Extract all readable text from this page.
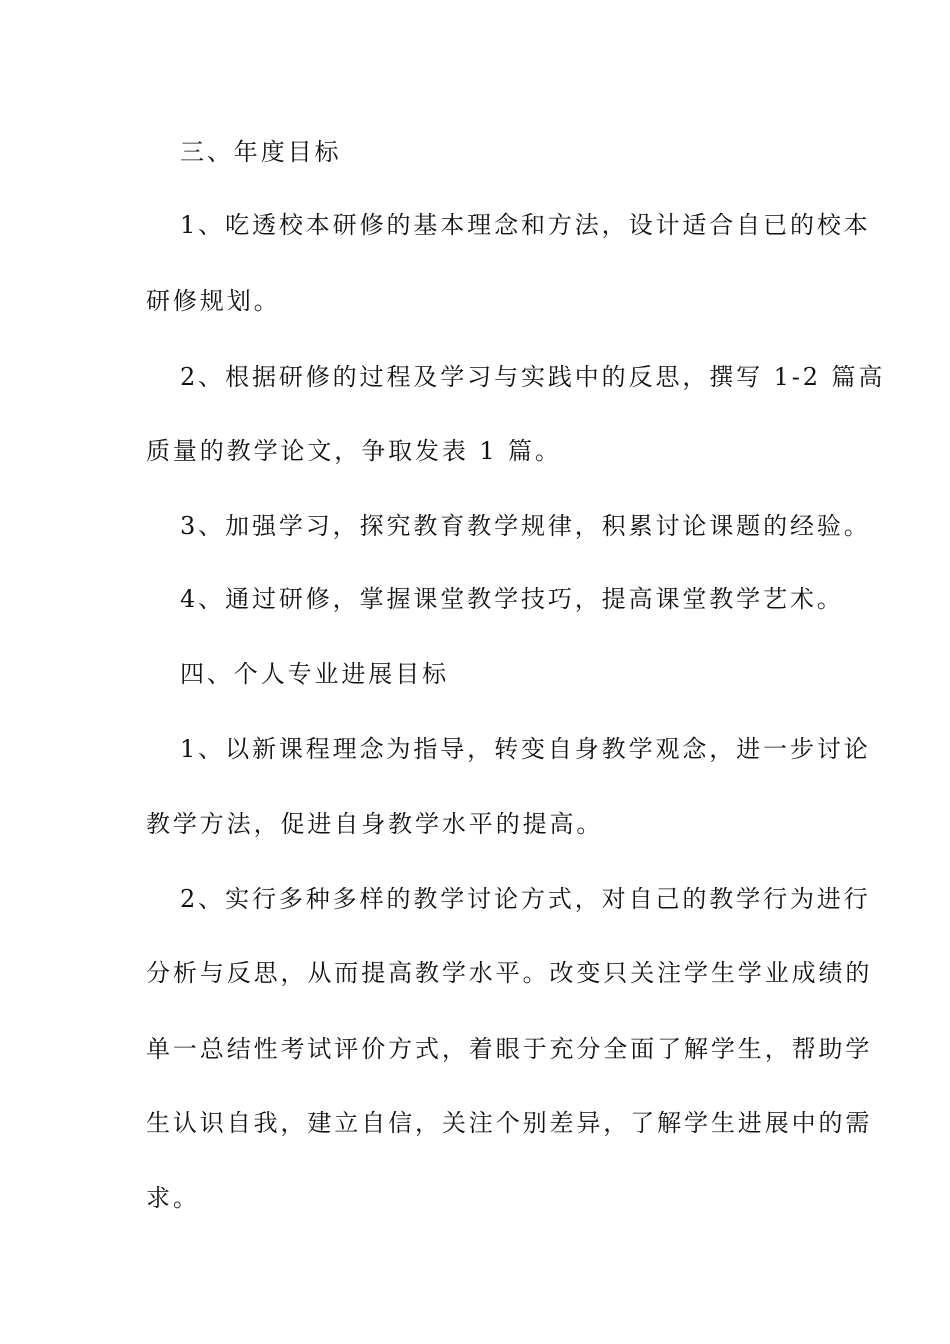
三、年度目标
1、吃透校本研修的基本理念和方法，设计适合自已的校本
研修规划。
2、根据研修的过程及学习与实践中的反思，撰写 1-2 篇高
质量的教学论文，争取发表 1 篇。
3、加强学习，探究教育教学规律，积累讨论课题的经验。
4、通过研修，掌握课堂教学技巧，提高课堂教学艺术。
四、个人专业进展目标
1、以新课程理念为指导，转变自身教学观念，进一步讨论
教学方法，促进自身教学水平的提高。
2、实行多种多样的教学讨论方式，对自己的教学行为进行
分析与反思，从而提高教学水平。改变只关注学生学业成绩的
单一总结性考试评价方式，着眼于充分全面了解学生，帮助学
生认识自我，建立自信，关注个别差异，了解学生进展中的需
求。
